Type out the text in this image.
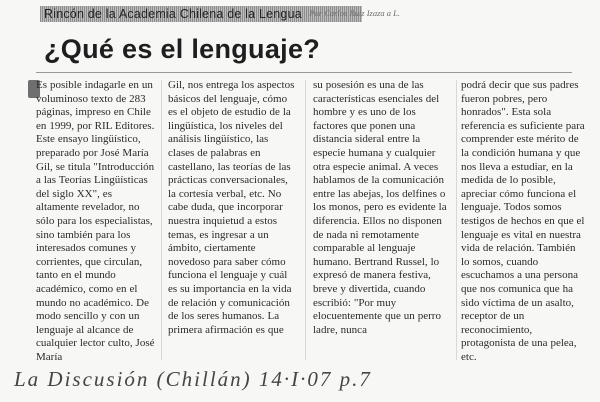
Rincón de la Academia Chilena de la Lengua Por Carlos Ruiz Izaza a L.
¿Qué es el lenguaje?
Es posible indagarle en un voluminoso texto de 283 páginas, impreso en Chile en 1999, por RIL Editores. Este ensayo lingüístico, preparado por José María Gil, se titula "Introducción a las Teorías Lingüísticas del siglo XX", es altamente revelador, no sólo para los especialistas, sino también para los interesados comunes y corrientes, que circulan, tanto en el mundo académico, como en el mundo no académico. De modo sencillo y con un lenguaje al alcance de cualquier lector culto, José María
Gil, nos entrega los aspectos básicos del lenguaje, cómo es el objeto de estudio de la lingüística, los niveles del análisis lingüístico, las clases de palabras en castellano, las teorías de las prácticas conversacionales, la cortesía verbal, etc. No cabe duda, que incorporar nuestra inquietud a estos temas, es ingresar a un ámbito, ciertamente novedoso para saber cómo funciona el lenguaje y cuál es su importancia en la vida de relación y comunicación de los seres humanos. La primera afirmación es que
su posesión es una de las características esenciales del hombre y es uno de los factores que ponen una distancia sideral entre la especie humana y cualquier otra especie animal. A veces hablamos de la comunicación entre las abejas, los delfines o los monos, pero es evidente la diferencia. Ellos no disponen de nada ni remotamente comparable al lenguaje humano. Bertrand Russel, lo expresó de manera festiva, breve y divertida, cuando escribió: "Por muy elocuentemente que un perro ladre, nunca
podrá decir que sus padres fueron pobres, pero honrados". Esta sola referencia es suficiente para comprender este mérito de la condición humana y que nos lleva a estudiar, en la medida de lo posible, apreciar cómo funciona el lenguaje. Todos somos testigos de hechos en que el lenguaje es vital en nuestra vida de relación. También lo somos, cuando escuchamos a una persona que nos comunica que ha sido víctima de un asalto, receptor de un reconocimiento, protagonista de una pelea, etc.
La Discusión (Chillán) 14·I·07 p.7
